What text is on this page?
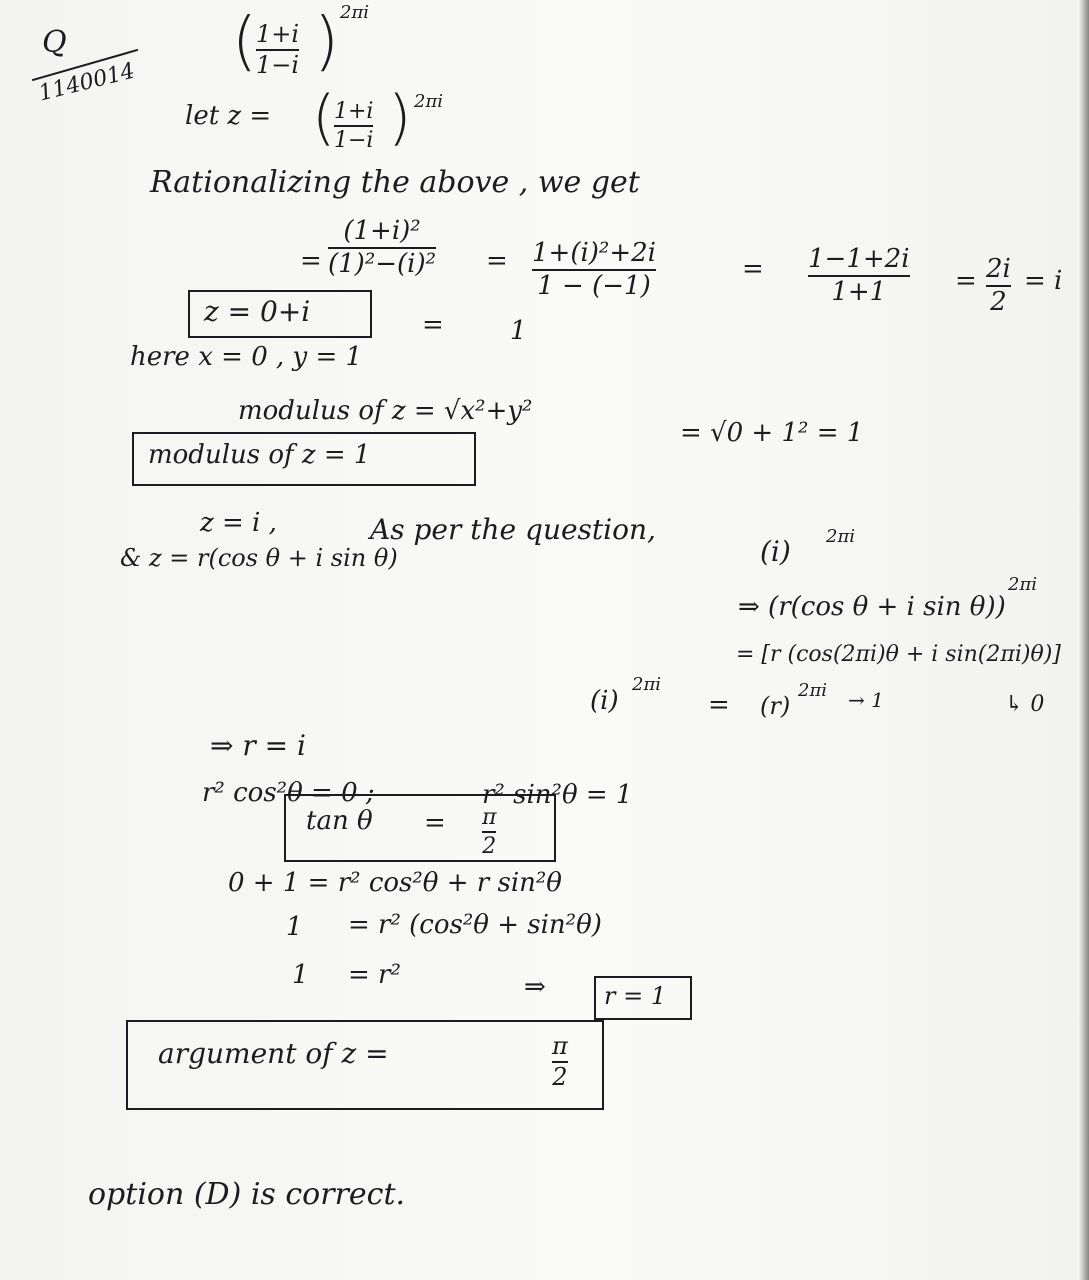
Q
1140014
( 1+i
1−i ) 2πi
let z = (
1+i
1−i ) 2πi
Rationalizing the above , we get
=
(1+i)²
(1)²−(i)² = 1+(i)²+2i
1 − (−1)
= 1−1+2i
1+1	= 2i
2
= i
z = 0+i	=	1
here x = 0 , y = 1
modulus of z = √x²+y²
= √0 + 1² = 1
modulus of z = 1
z = i ,	As per the question,
(i) 2πi
& z = r(cos θ + i sin θ)
⇒ (r(cos θ + i sin θ))
2πi
= [r (cos(2πi)θ + i sin(2πi)θ)]
(i)
2πi
= (r)
2πi → 1	↳ 0
⇒ r = i
r² cos²θ = 0 ;	r² sin²θ = 1
tan θ = π
2
0 + 1 = r² cos²θ + r sin²θ
1 = r² (cos²θ + sin²θ)
1 = r²	⇒ r = 1
argument of z =	π
2
option (D) is correct.
